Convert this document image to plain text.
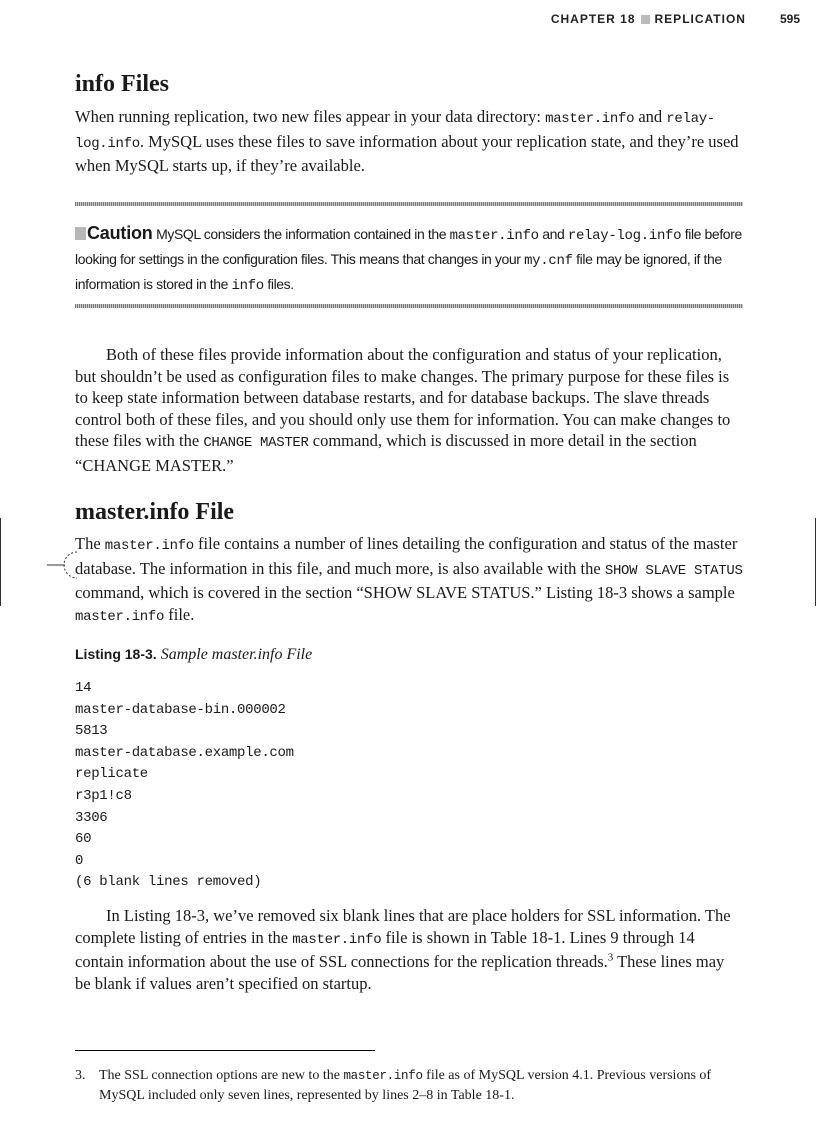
CHAPTER 18 REPLICATION	595
info Files

When running replication, two new files appear in your data directory: master.info and relay-log.info. MySQL uses these files to save information about your replication state, and they’re used when MySQL starts up, if they’re available.

Caution MySQL considers the information contained in the master.info and relay-log.info file before looking for settings in the configuration files. This means that changes in your my.cnf file may be ignored, if the information is stored in the info files.

Both of these files provide information about the configuration and status of your replication, but shouldn’t be used as configuration files to make changes. The primary purpose for these files is to keep state information between database restarts, and for database backups. The slave threads control both of these files, and you should only use them for information. You can make changes to these files with the CHANGE MASTER command, which is discussed in more detail in the section “CHANGE MASTER.”

master.info File

The master.info file contains a number of lines detailing the configuration and status of the master database. The information in this file, and much more, is also available with the SHOW SLAVE STATUS command, which is covered in the section “SHOW SLAVE STATUS.” Listing 18-3 shows a sample master.info file.

Listing 18-3. Sample master.info File
14
master-database-bin.000002
5813
master-database.example.com
replicate
r3p1!c8
3306
60
0
(6 blank lines removed)

In Listing 18-3, we’ve removed six blank lines that are place holders for SSL information. The complete listing of entries in the master.info file is shown in Table 18-1. Lines 9 through 14 contain information about the use of SSL connections for the replication threads.$^3$ These lines may be blank if values aren’t specified on startup.

3. The SSL connection options are new to the master.info file as of MySQL version 4.1. Previous versions of MySQL included only seven lines, represented by lines 2–8 in Table 18-1.
